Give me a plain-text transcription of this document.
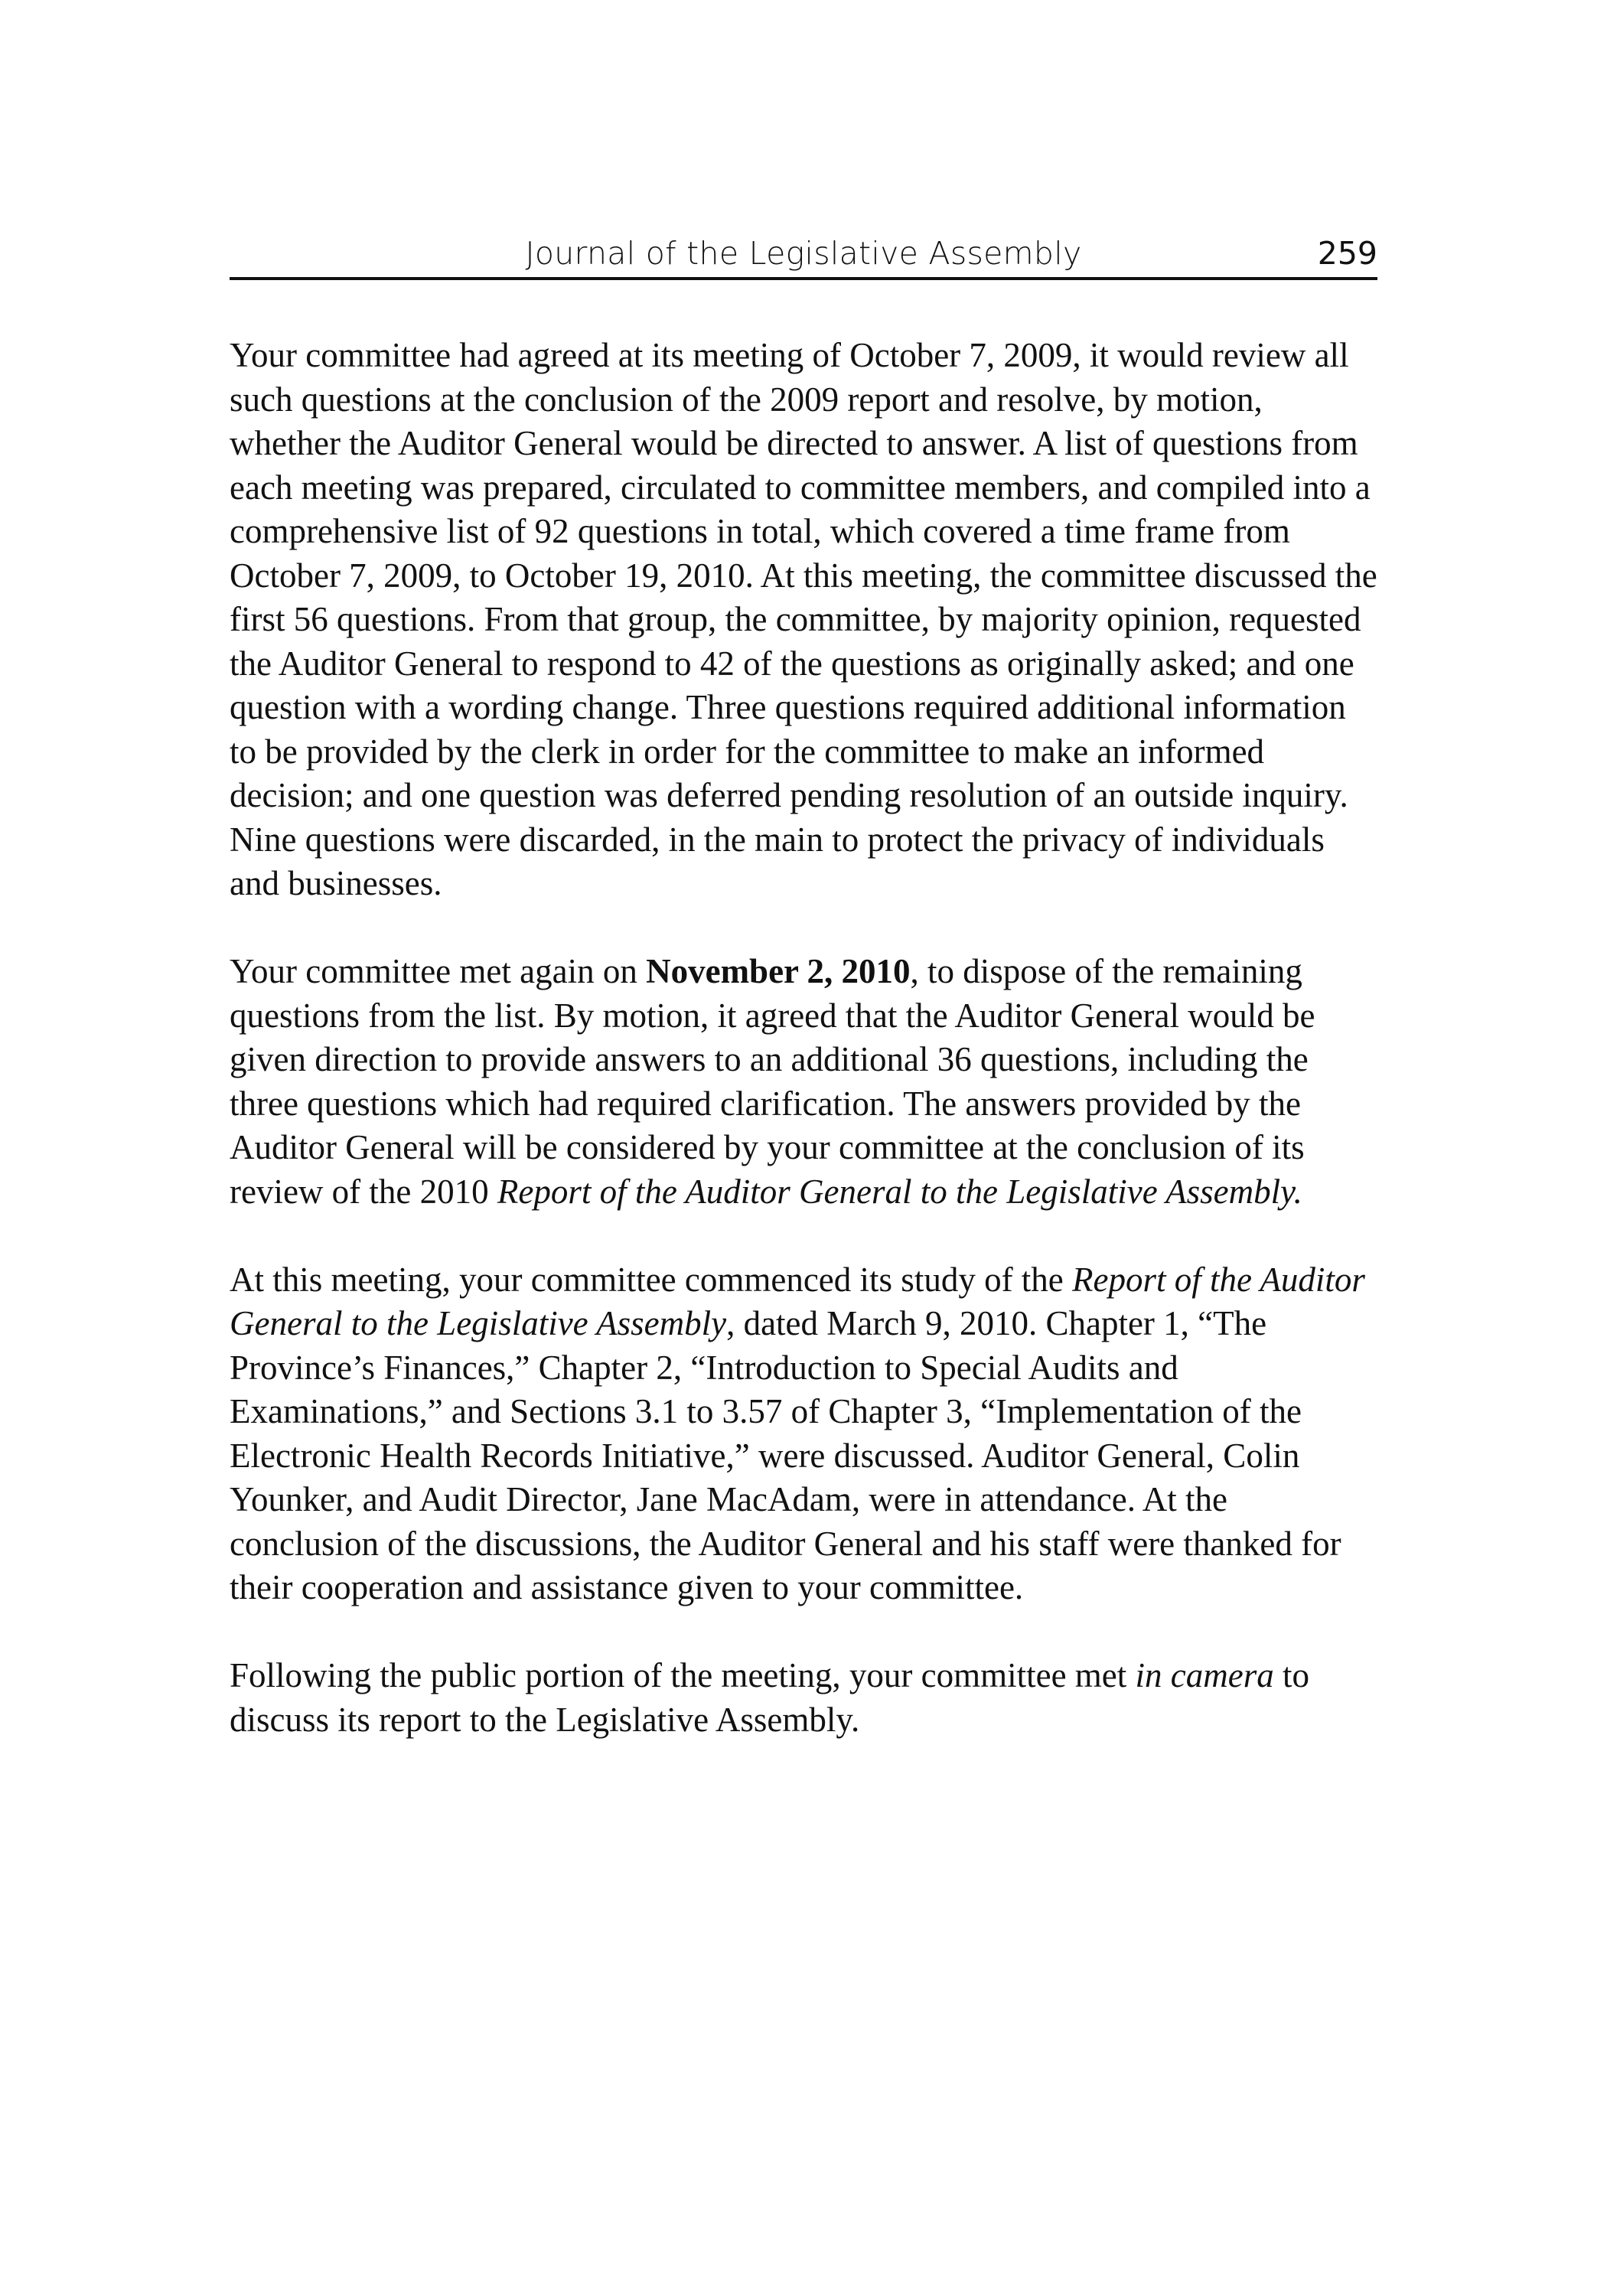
Journal of the Legislative Assembly	259

Your committee had agreed at its meeting of October 7, 2009, it would review all such questions at the conclusion of the 2009 report and resolve, by motion, whether the Auditor General would be directed to answer. A list of questions from each meeting was prepared, circulated to committee members, and compiled into a comprehensive list of 92 questions in total, which covered a time frame from October 7, 2009, to October 19, 2010. At this meeting, the committee discussed the first 56 questions. From that group, the committee, by majority opinion, requested the Auditor General to respond to 42 of the questions as originally asked; and one question with a wording change. Three questions required additional information to be provided by the clerk in order for the committee to make an informed decision; and one question was deferred pending resolution of an outside inquiry. Nine questions were discarded, in the main to protect the privacy of individuals and businesses.

Your committee met again on November 2, 2010, to dispose of the remaining questions from the list. By motion, it agreed that the Auditor General would be given direction to provide answers to an additional 36 questions, including the three questions which had required clarification. The answers provided by the Auditor General will be considered by your committee at the conclusion of its review of the 2010 Report of the Auditor General to the Legislative Assembly.

At this meeting, your committee commenced its study of the Report of the Auditor General to the Legislative Assembly, dated March 9, 2010. Chapter 1, “The Province’s Finances,” Chapter 2, “Introduction to Special Audits and Examinations,” and Sections 3.1 to 3.57 of Chapter 3, “Implementation of the Electronic Health Records Initiative,” were discussed. Auditor General, Colin Younker, and Audit Director, Jane MacAdam, were in attendance. At the conclusion of the discussions, the Auditor General and his staff were thanked for their cooperation and assistance given to your committee.

Following the public portion of the meeting, your committee met in camera to discuss its report to the Legislative Assembly.
